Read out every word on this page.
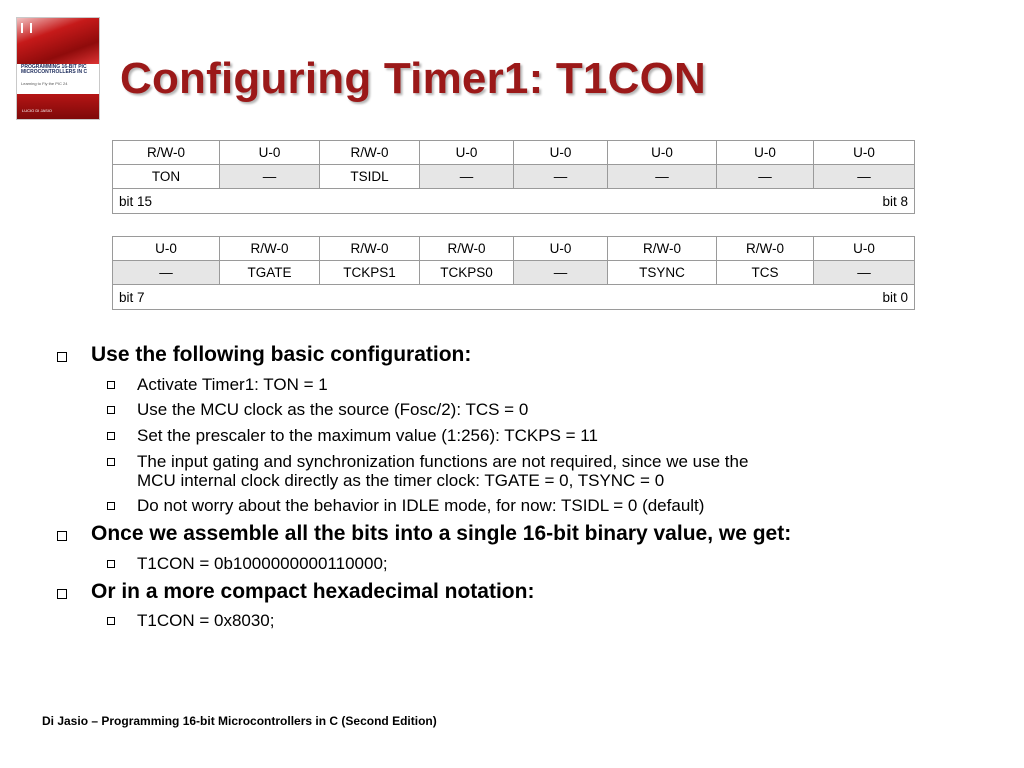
PROGRAMMING 16-BIT PIC MICROCONTROLLERS IN C
Learning to Fly the PIC 24
LUCIO DI JASIO
Configuring Timer1: T1CON
R/W-0	U-0	R/W-0	U-0	U-0	U-0	U-0	U-0
TON	—	TSIDL	—	—	—	—	—
bit 15 bit 8							
U-0	R/W-0	R/W-0	R/W-0	U-0	R/W-0	R/W-0	U-0
—	TGATE	TCKPS1	TCKPS0	—	TSYNC	TCS	—
bit 7 bit 0							
Use the following basic configuration:
Activate Timer1: TON = 1
Use the MCU clock as the source (Fosc/2): TCS = 0
Set the prescaler to the maximum value (1:256): TCKPS = 11
The input gating and synchronization functions are not required, since we use the
MCU internal clock directly as the timer clock: TGATE = 0, TSYNC = 0
Do not worry about the behavior in IDLE mode, for now: TSIDL = 0 (default)
Once we assemble all the bits into a single 16-bit binary value, we get:
T1CON = 0b1000000000110000;
Or in a more compact hexadecimal notation:
T1CON = 0x8030;
Di Jasio – Programming 16-bit Microcontrollers in C (Second Edition)
